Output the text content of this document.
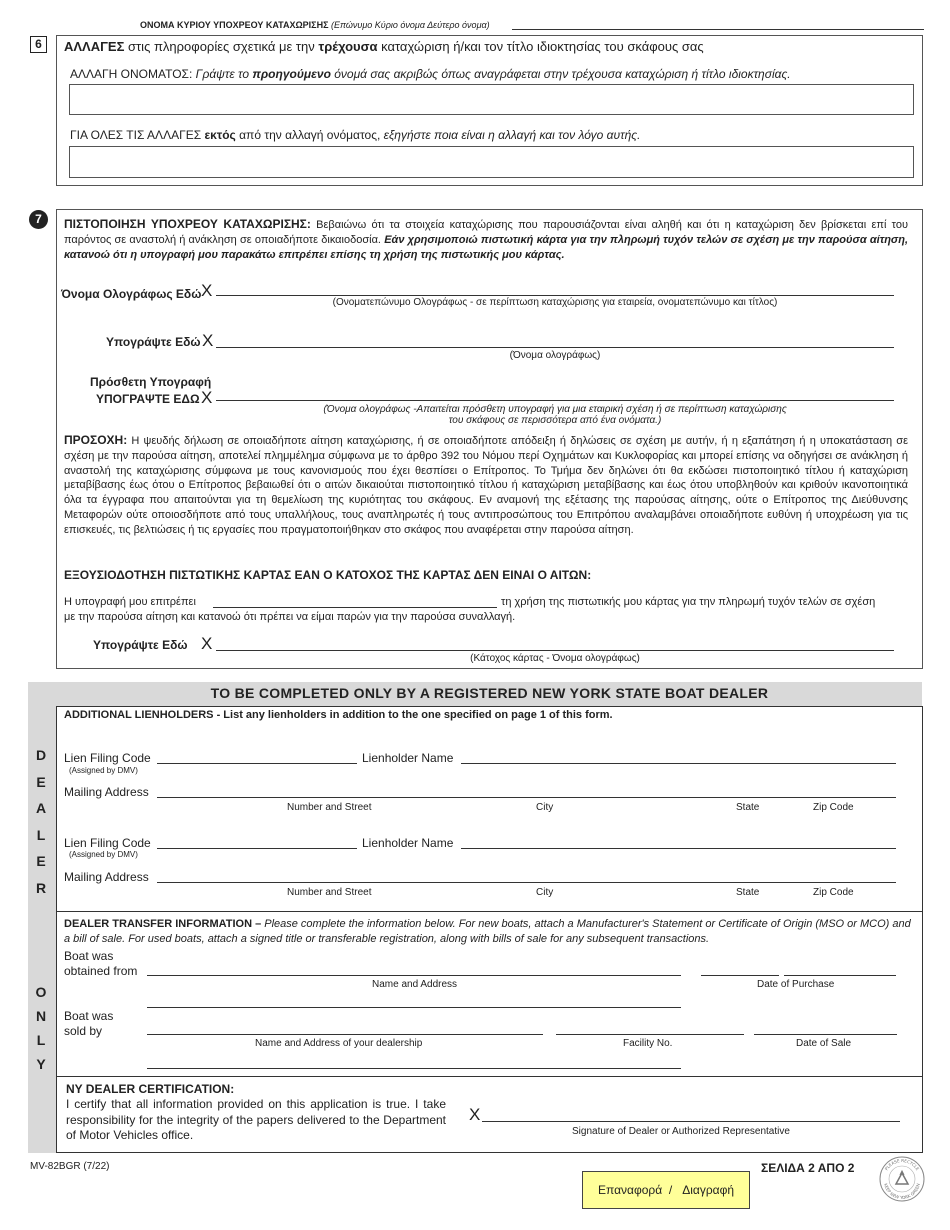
ΟΝΟΜΑ ΚΥΡΙΟΥ ΥΠΟΧΡΕΟΥ ΚΑΤΑΧΩΡΙΣΗΣ (Επώνυμο Κύριο όνομα Δεύτερο όνομα)
6	ΑΛΛΑΓΕΣ στις πληροφορίες σχετικά με την τρέχουσα καταχώριση ή/και τον τίτλο ιδιοκτησίας του σκάφους σας
ΑΛΛΑΓΗ ΟΝΟΜΑΤΟΣ: Γράψτε το προηγούμενο όνομά σας ακριβώς όπως αναγράφεται στην τρέχουσα καταχώριση ή τίτλο ιδιοκτησίας.
ΓΙΑ ΟΛΕΣ ΤΙΣ ΑΛΛΑΓΕΣ εκτός από την αλλαγή ονόματος, εξηγήστε ποια είναι η αλλαγή και τον λόγο αυτής.
7	ΠΙΣΤΟΠΟΙΗΣΗ ΥΠΟΧΡΕΟΥ ΚΑΤΑΧΩΡΙΣΗΣ: Βεβαιώνω ότι τα στοιχεία καταχώρισης που παρουσιάζονται είναι αληθή και ότι η καταχώριση δεν βρίσκεται επί του παρόντος σε αναστολή ή ανάκληση σε οποιαδήποτε δικαιοδοσία. Εάν χρησιμοποιώ πιστωτική κάρτα για την πληρωμή τυχόν τελών σε σχέση με την παρούσα αίτηση, κατανοώ ότι η υπογραφή μου παρακάτω επιτρέπει επίσης τη χρήση της πιστωτικής μου κάρτας.
Όνομα Ολογράφως Εδώ X
(Ονοματεπώνυμο Ολογράφως - σε περίπτωση καταχώρισης για εταιρεία, ονοματεπώνυμο και τίτλος)
Υπογράψτε Εδώ X
(Όνομα ολογράφως)
Πρόσθετη Υπογραφή
ΥΠΟΓΡΑΨΤΕ ΕΔΩ X
(Όνομα ολογράφως -Απαιτείται πρόσθετη υπογραφή για μια εταιρική σχέση ή σε περίπτωση καταχώρισης
του σκάφους σε περισσότερα από ένα ονόματα.)
ΠΡΟΣΟΧΗ: Η ψευδής δήλωση σε οποιαδήποτε αίτηση καταχώρισης, ή σε οποιαδήποτε απόδειξη ή δηλώσεις σε σχέση με αυτήν, ή η εξαπάτηση ή η υποκατάσταση σε σχέση με την παρούσα αίτηση, αποτελεί πλημμέλημα σύμφωνα με το άρθρο 392 του Νόμου περί Οχημάτων και Κυκλοφορίας και μπορεί επίσης να οδηγήσει σε ανάκληση ή αναστολή της καταχώρισης σύμφωνα με τους κανονισμούς που έχει θεσπίσει ο Επίτροπος. Το Τμήμα δεν δηλώνει ότι θα εκδώσει πιστοποιητικό τίτλου ή καταχώριση μεταβίβασης έως ότου ο Επίτροπος βεβαιωθεί ότι ο αιτών δικαιούται πιστοποιητικό τίτλου ή καταχώριση μεταβίβασης και έως ότου υποβληθούν και κριθούν ικανοποιητικά όλα τα έγγραφα που απαιτούνται για τη θεμελίωση της κυριότητας του σκάφους. Εν αναμονή της εξέτασης της παρούσας αίτησης, ούτε ο Επίτροπος της Διεύθυνσης Μεταφορών ούτε οποιοσδήποτε από τους υπαλλήλους, τους αναπληρωτές ή τους αντιπροσώπους του Επιτρόπου αναλαμβάνει οποιαδήποτε ευθύνη ή υποχρέωση για τις επισκευές, τις βελτιώσεις ή τις εργασίες που πραγματοποιήθηκαν στο σκάφος που αναφέρεται στην παρούσα αίτηση.
ΕΞΟΥΣΙΟΔΟΤΗΣΗ ΠΙΣΤΩΤΙΚΗΣ ΚΑΡΤΑΣ ΕΑΝ Ο ΚΑΤΟΧΟΣ ΤΗΣ ΚΑΡΤΑΣ ΔΕΝ ΕΙΝΑΙ Ο ΑΙΤΩΝ:
Η υπογραφή μου επιτρέπει	τη χρήση της πιστωτικής μου κάρτας για την πληρωμή τυχόν τελών σε σχέση
με την παρούσα αίτηση και κατανοώ ότι πρέπει να είμαι παρών για την παρούσα συναλλαγή.
Υπογράψτε Εδώ X
(Κάτοχος κάρτας - Όνομα ολογράφως)
TO BE COMPLETED ONLY BY A REGISTERED NEW YORK STATE BOAT DEALER
D
E
A
L
E
R
O
N
L
Y
ADDITIONAL LIENHOLDERS - List any lienholders in addition to the one specified on page 1 of this form.
Lien Filing Code
(Assigned by DMV)
Lienholder Name
Mailing Address
Number and Street	City	State	Zip Code
Lien Filing Code
(Assigned by DMV)
Lienholder Name
Mailing Address
Number and Street	City	State	Zip Code
DEALER TRANSFER INFORMATION – Please complete the information below. For new boats, attach a Manufacturer's Statement or Certificate of Origin (MSO or MCO) and a bill of sale. For used boats, attach a signed title or transferable registration, along with bills of sale for any subsequent transactions.
Boat was
obtained from
Name and Address	Date of Purchase
Boat was
sold by
Name and Address of your dealership	Facility No.	Date of Sale
NY DEALER CERTIFICATION:
I certify that all information provided on this application is true. I take responsibility for the integrity of the papers delivered to the Department of Motor Vehicles office.
X
Signature of Dealer or Authorized Representative
MV-82BGR (7/22)	ΣΕΛΙΔΑ 2 ΑΠΟ 2
Επαναφορά / Διαγραφή
PLEASE RECYCLE
KEEP NEW YORK GREEN
